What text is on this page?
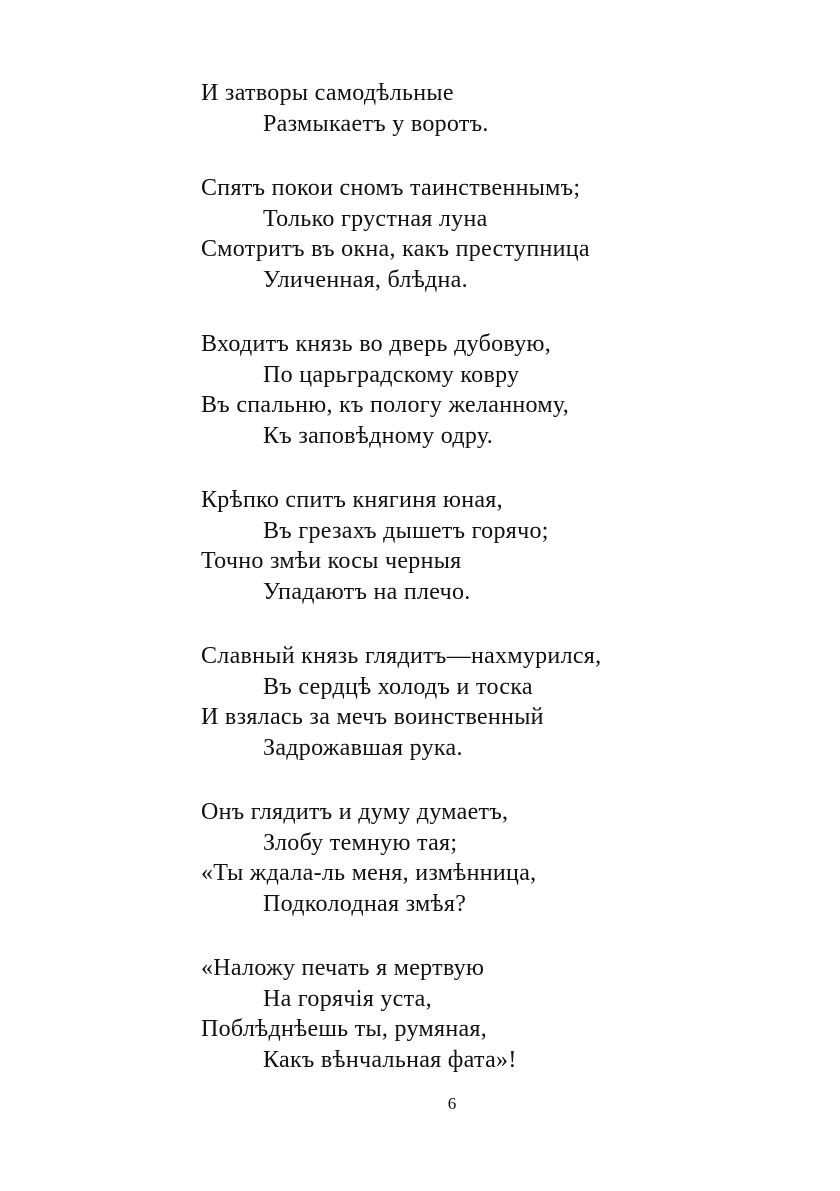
И затворы самодѣльные
Размыкаетъ у воротъ.
Спятъ покои сномъ таинственнымъ;
Только грустная луна
Смотритъ въ окна, какъ преступница
Уличенная, блѣдна.
Входитъ князь во дверь дубовую,
По царьградскому ковру
Въ спальню, къ пологу желанному,
Къ заповѣдному одру.
Крѣпко спитъ княгиня юная,
Въ грезахъ дышетъ горячо;
Точно змѣи косы черныя
Упадаютъ на плечо.
Славный князь глядитъ—нахмурился,
Въ сердцѣ холодъ и тоска
И взялась за мечъ воинственный
Задрожавшая рука.
Онъ глядитъ и думу думаетъ,
Злобу темную тая;
«Ты ждала-ль меня, измѣнница,
Подколодная змѣя?
«Наложу печать я мертвую
На горячія уста,
Поблѣднѣешь ты, румяная,
Какъ вѣнчальная фата»!
6
